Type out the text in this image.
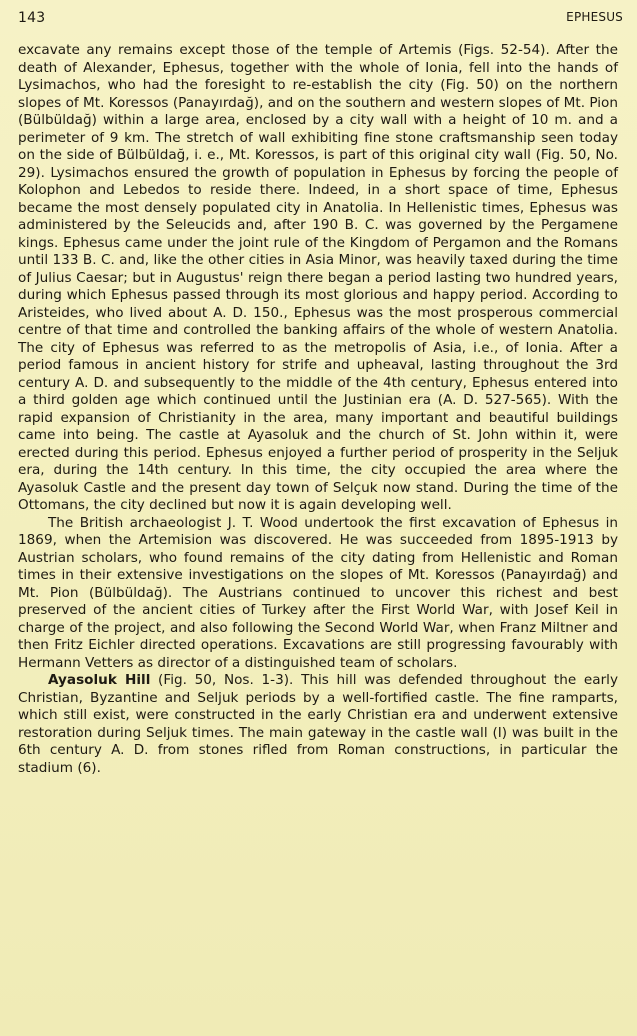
143	EPHESUS

excavate any remains except those of the temple of Artemis (Figs. 52-54). After the death of Alexander, Ephesus, together with the whole of Ionia, fell into the hands of Lysimachos, who had the foresight to re-establish the city (Fig. 50) on the northern slopes of Mt. Koressos (Panayırdağ), and on the southern and western slopes of Mt. Pion (Bülbüldağ) within a large area, enclosed by a city wall with a height of 10 m. and a perimeter of 9 km. The stretch of wall exhibiting fine stone craftsmanship seen today on the side of Bülbüldağ, i. e., Mt. Koressos, is part of this original city wall (Fig. 50, No. 29). Lysimachos ensured the growth of population in Ephesus by forcing the people of Kolophon and Lebedos to reside there. Indeed, in a short space of time, Ephesus became the most densely populated city in Anatolia. In Hellenistic times, Ephesus was administered by the Seleucids and, after 190 B. C. was governed by the Pergamene kings. Ephesus came under the joint rule of the Kingdom of Pergamon and the Romans until 133 B. C. and, like the other cities in Asia Minor, was heavily taxed during the time of Julius Caesar; but in Augustus' reign there began a period lasting two hundred years, during which Ephesus passed through its most glorious and happy period. According to Aristeides, who lived about A. D. 150., Ephesus was the most prosperous commercial centre of that time and controlled the banking affairs of the whole of western Anatolia. The city of Ephesus was referred to as the metropolis of Asia, i.e., of Ionia. After a period famous in ancient history for strife and upheaval, lasting throughout the 3rd century A. D. and subsequently to the middle of the 4th century, Ephesus entered into a third golden age which continued until the Justinian era (A. D. 527-565). With the rapid expansion of Christianity in the area, many important and beautiful buildings came into being. The castle at Ayasoluk and the church of St. John within it, were erected during this period. Ephesus enjoyed a further period of prosperity in the Seljuk era, during the 14th century. In this time, the city occupied the area where the Ayasoluk Castle and the present day town of Selçuk now stand. During the time of the Ottomans, the city declined but now it is again developing well.

The British archaeologist J. T. Wood undertook the first excavation of Ephesus in 1869, when the Artemision was discovered. He was succeeded from 1895-1913 by Austrian scholars, who found remains of the city dating from Hellenistic and Roman times in their extensive investigations on the slopes of Mt. Koressos (Panayırdağ) and Mt. Pion (Bülbüldağ). The Austrians continued to uncover this richest and best preserved of the ancient cities of Turkey after the First World War, with Josef Keil in charge of the project, and also following the Second World War, when Franz Miltner and then Fritz Eichler directed operations. Excavations are still progressing favourably with Hermann Vetters as director of a distinguished team of scholars.

Ayasoluk Hill (Fig. 50, Nos. 1-3). This hill was defended throughout the early Christian, Byzantine and Seljuk periods by a well-fortified castle. The fine ramparts, which still exist, were constructed in the early Christian era and underwent extensive restoration during Seljuk times. The main gateway in the castle wall (I) was built in the 6th century A. D. from stones rifled from Roman constructions, in particular the stadium (6).
